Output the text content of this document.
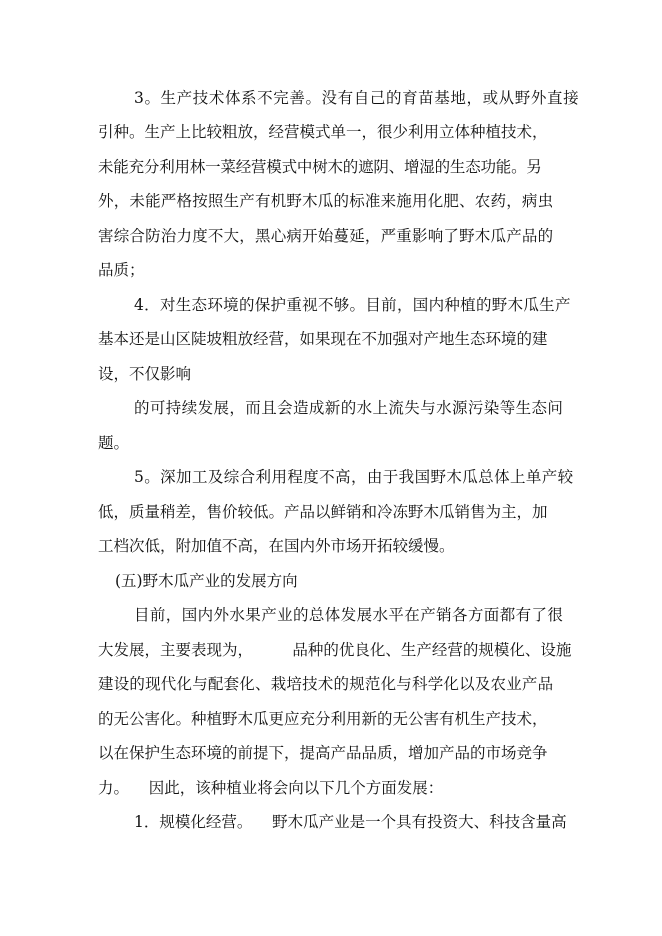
3。生产技术体系不完善。没有自己的育苗基地，或从野外直接
引种。生产上比较粗放，经营模式单一，很少利用立体种植技术，
未能充分利用林一菜经营模式中树木的遮阴、增湿的生态功能。另
外，未能严格按照生产有机野木瓜的标准来施用化肥、农药，病虫
害综合防治力度不大，黑心病开始蔓延，严重影响了野木瓜产品的
品质；
4．对生态环境的保护重视不够。目前，国内种植的野木瓜生产
基本还是山区陡坡粗放经营，如果现在不加强对产地生态环境的建
设，不仅影响
的可持续发展，而且会造成新的水上流失与水源污染等生态问
题。
5。深加工及综合利用程度不高，由于我国野木瓜总体上单产较
低，质量稍差，售价较低。产品以鲜销和冷冻野木瓜销售为主，加
工档次低，附加值不高，在国内外市场开拓较缓慢。
(五)野木瓜产业的发展方向
目前，国内外水果产业的总体发展水平在产销各方面都有了很
大发展，主要表现为，        品种的优良化、生产经营的规模化、设施
建设的现代化与配套化、栽培技术的规范化与科学化以及农业产品
的无公害化。种植野木瓜更应充分利用新的无公害有机生产技术，
以在保护生态环境的前提下，提高产品品质，增加产品的市场竞争
力。    因此，该种植业将会向以下几个方面发展：
1．规模化经营。    野木瓜产业是一个具有投资大、科技含量高
